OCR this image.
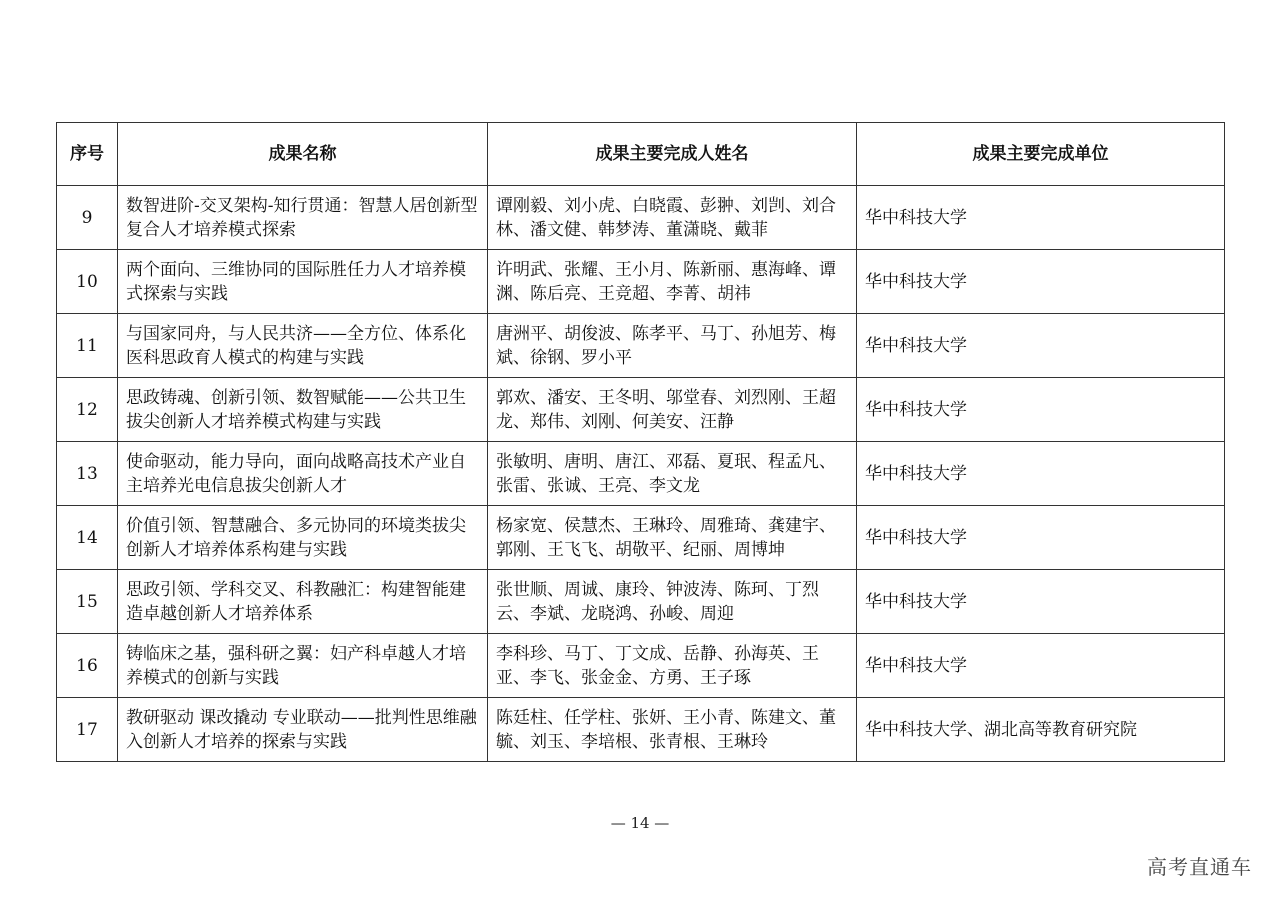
序号	成果名称	成果主要完成人姓名	成果主要完成单位
9	数智进阶-交叉架构-知行贯通：智慧人居创新型复合人才培养模式探索	谭刚毅、刘小虎、白晓霞、彭翀、刘剀、刘合林、潘文健、韩梦涛、董潇晓、戴菲	华中科技大学
10	两个面向、三维协同的国际胜任力人才培养模式探索与实践	许明武、张耀、王小月、陈新丽、惠海峰、谭渊、陈后亮、王竞超、李菁、胡祎	华中科技大学
11	与国家同舟，与人民共济——全方位、体系化医科思政育人模式的构建与实践	唐洲平、胡俊波、陈孝平、马丁、孙旭芳、梅斌、徐钢、罗小平	华中科技大学
12	思政铸魂、创新引领、数智赋能——公共卫生拔尖创新人才培养模式构建与实践	郭欢、潘安、王冬明、邬堂春、刘烈刚、王超龙、郑伟、刘刚、何美安、汪静	华中科技大学
13	使命驱动，能力导向，面向战略高技术产业自主培养光电信息拔尖创新人才	张敏明、唐明、唐江、邓磊、夏珉、程孟凡、张雷、张诚、王亮、李文龙	华中科技大学
14	价值引领、智慧融合、多元协同的环境类拔尖创新人才培养体系构建与实践	杨家宽、侯慧杰、王琳玲、周雅琦、龚建宇、郭刚、王飞飞、胡敬平、纪丽、周博坤	华中科技大学
15	思政引领、学科交叉、科教融汇：构建智能建造卓越创新人才培养体系	张世顺、周诚、康玲、钟波涛、陈珂、丁烈云、李斌、龙晓鸿、孙峻、周迎	华中科技大学
16	铸临床之基，强科研之翼：妇产科卓越人才培养模式的创新与实践	李科珍、马丁、丁文成、岳静、孙海英、王亚、李飞、张金金、方勇、王子琢	华中科技大学
17	教研驱动 课改撬动 专业联动——批判性思维融入创新人才培养的探索与实践	陈廷柱、任学柱、张妍、王小青、陈建文、董毓、刘玉、李培根、张青根、王琳玲	华中科技大学、湖北高等教育研究院
— 14 —
高考直通车
